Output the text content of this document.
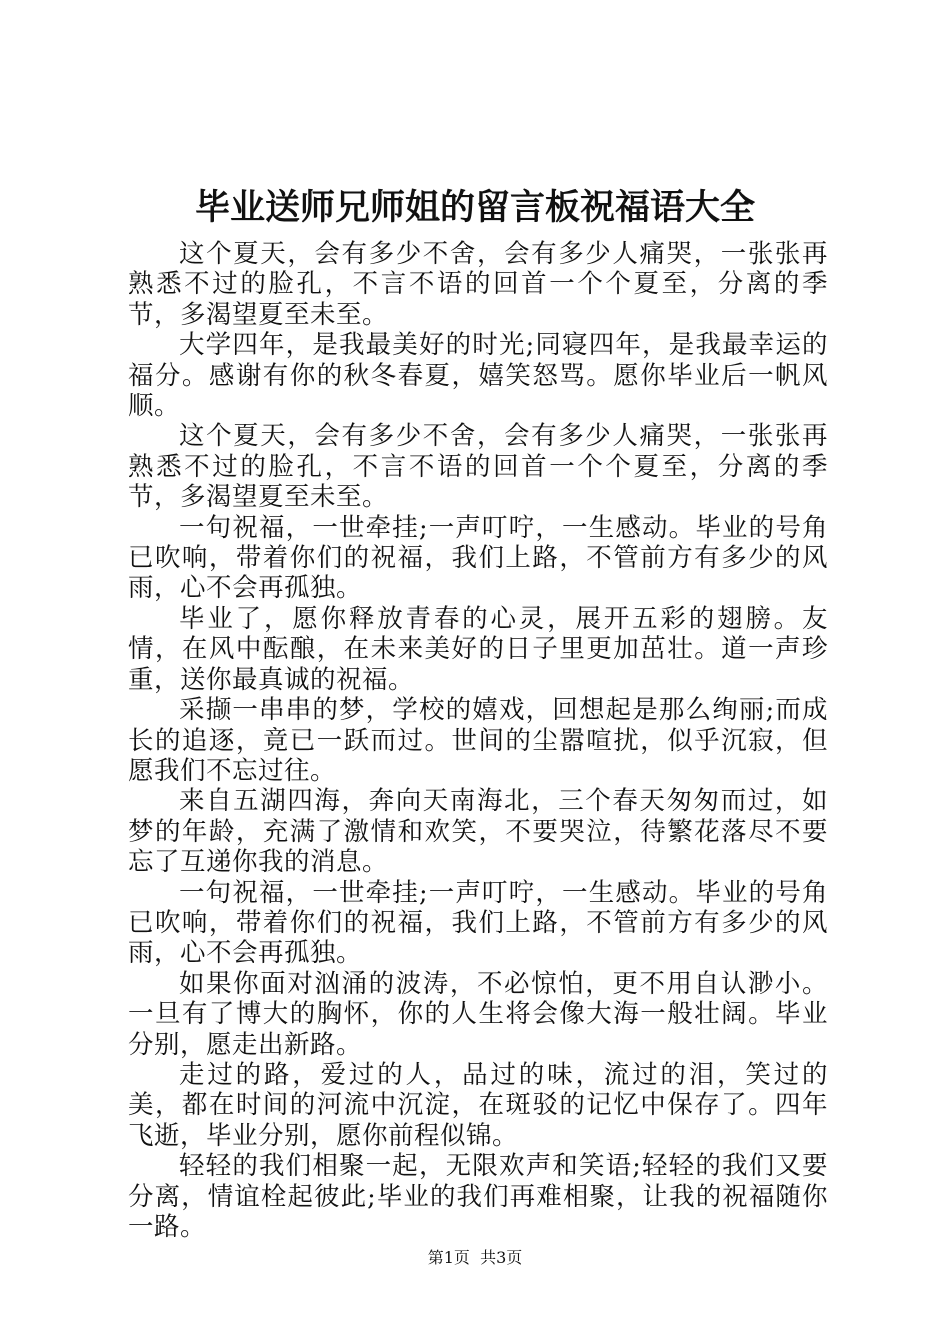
毕业送师兄师姐的留言板祝福语大全

这个夏天，会有多少不舍，会有多少人痛哭，一张张再熟悉不过的脸孔，不言不语的回首一个个夏至，分离的季节，多渴望夏至未至。

大学四年，是我最美好的时光;同寝四年，是我最幸运的福分。感谢有你的秋冬春夏，嬉笑怒骂。愿你毕业后一帆风顺。

这个夏天，会有多少不舍，会有多少人痛哭，一张张再熟悉不过的脸孔，不言不语的回首一个个夏至，分离的季节，多渴望夏至未至。

一句祝福，一世牵挂;一声叮咛，一生感动。毕业的号角已吹响，带着你们的祝福，我们上路，不管前方有多少的风雨，心不会再孤独。

毕业了，愿你释放青春的心灵，展开五彩的翅膀。友情，在风中酝酿，在未来美好的日子里更加茁壮。道一声珍重，送你最真诚的祝福。

采撷一串串的梦，学校的嬉戏，回想起是那么绚丽;而成长的追逐，竟已一跃而过。世间的尘嚣喧扰，似乎沉寂，但愿我们不忘过往。

来自五湖四海，奔向天南海北，三个春天匆匆而过，如梦的年龄，充满了激情和欢笑，不要哭泣，待繁花落尽不要忘了互递你我的消息。

一句祝福，一世牵挂;一声叮咛，一生感动。毕业的号角已吹响，带着你们的祝福，我们上路，不管前方有多少的风雨，心不会再孤独。

如果你面对汹涌的波涛，不必惊怕，更不用自认渺小。一旦有了博大的胸怀，你的人生将会像大海一般壮阔。毕业分别，愿走出新路。

走过的路，爱过的人，品过的味，流过的泪，笑过的美，都在时间的河流中沉淀，在斑驳的记忆中保存了。四年飞逝，毕业分别，愿你前程似锦。

轻轻的我们相聚一起，无限欢声和笑语;轻轻的我们又要分离，情谊栓起彼此;毕业的我们再难相聚，让我的祝福随你一路。

第1页 共3页
